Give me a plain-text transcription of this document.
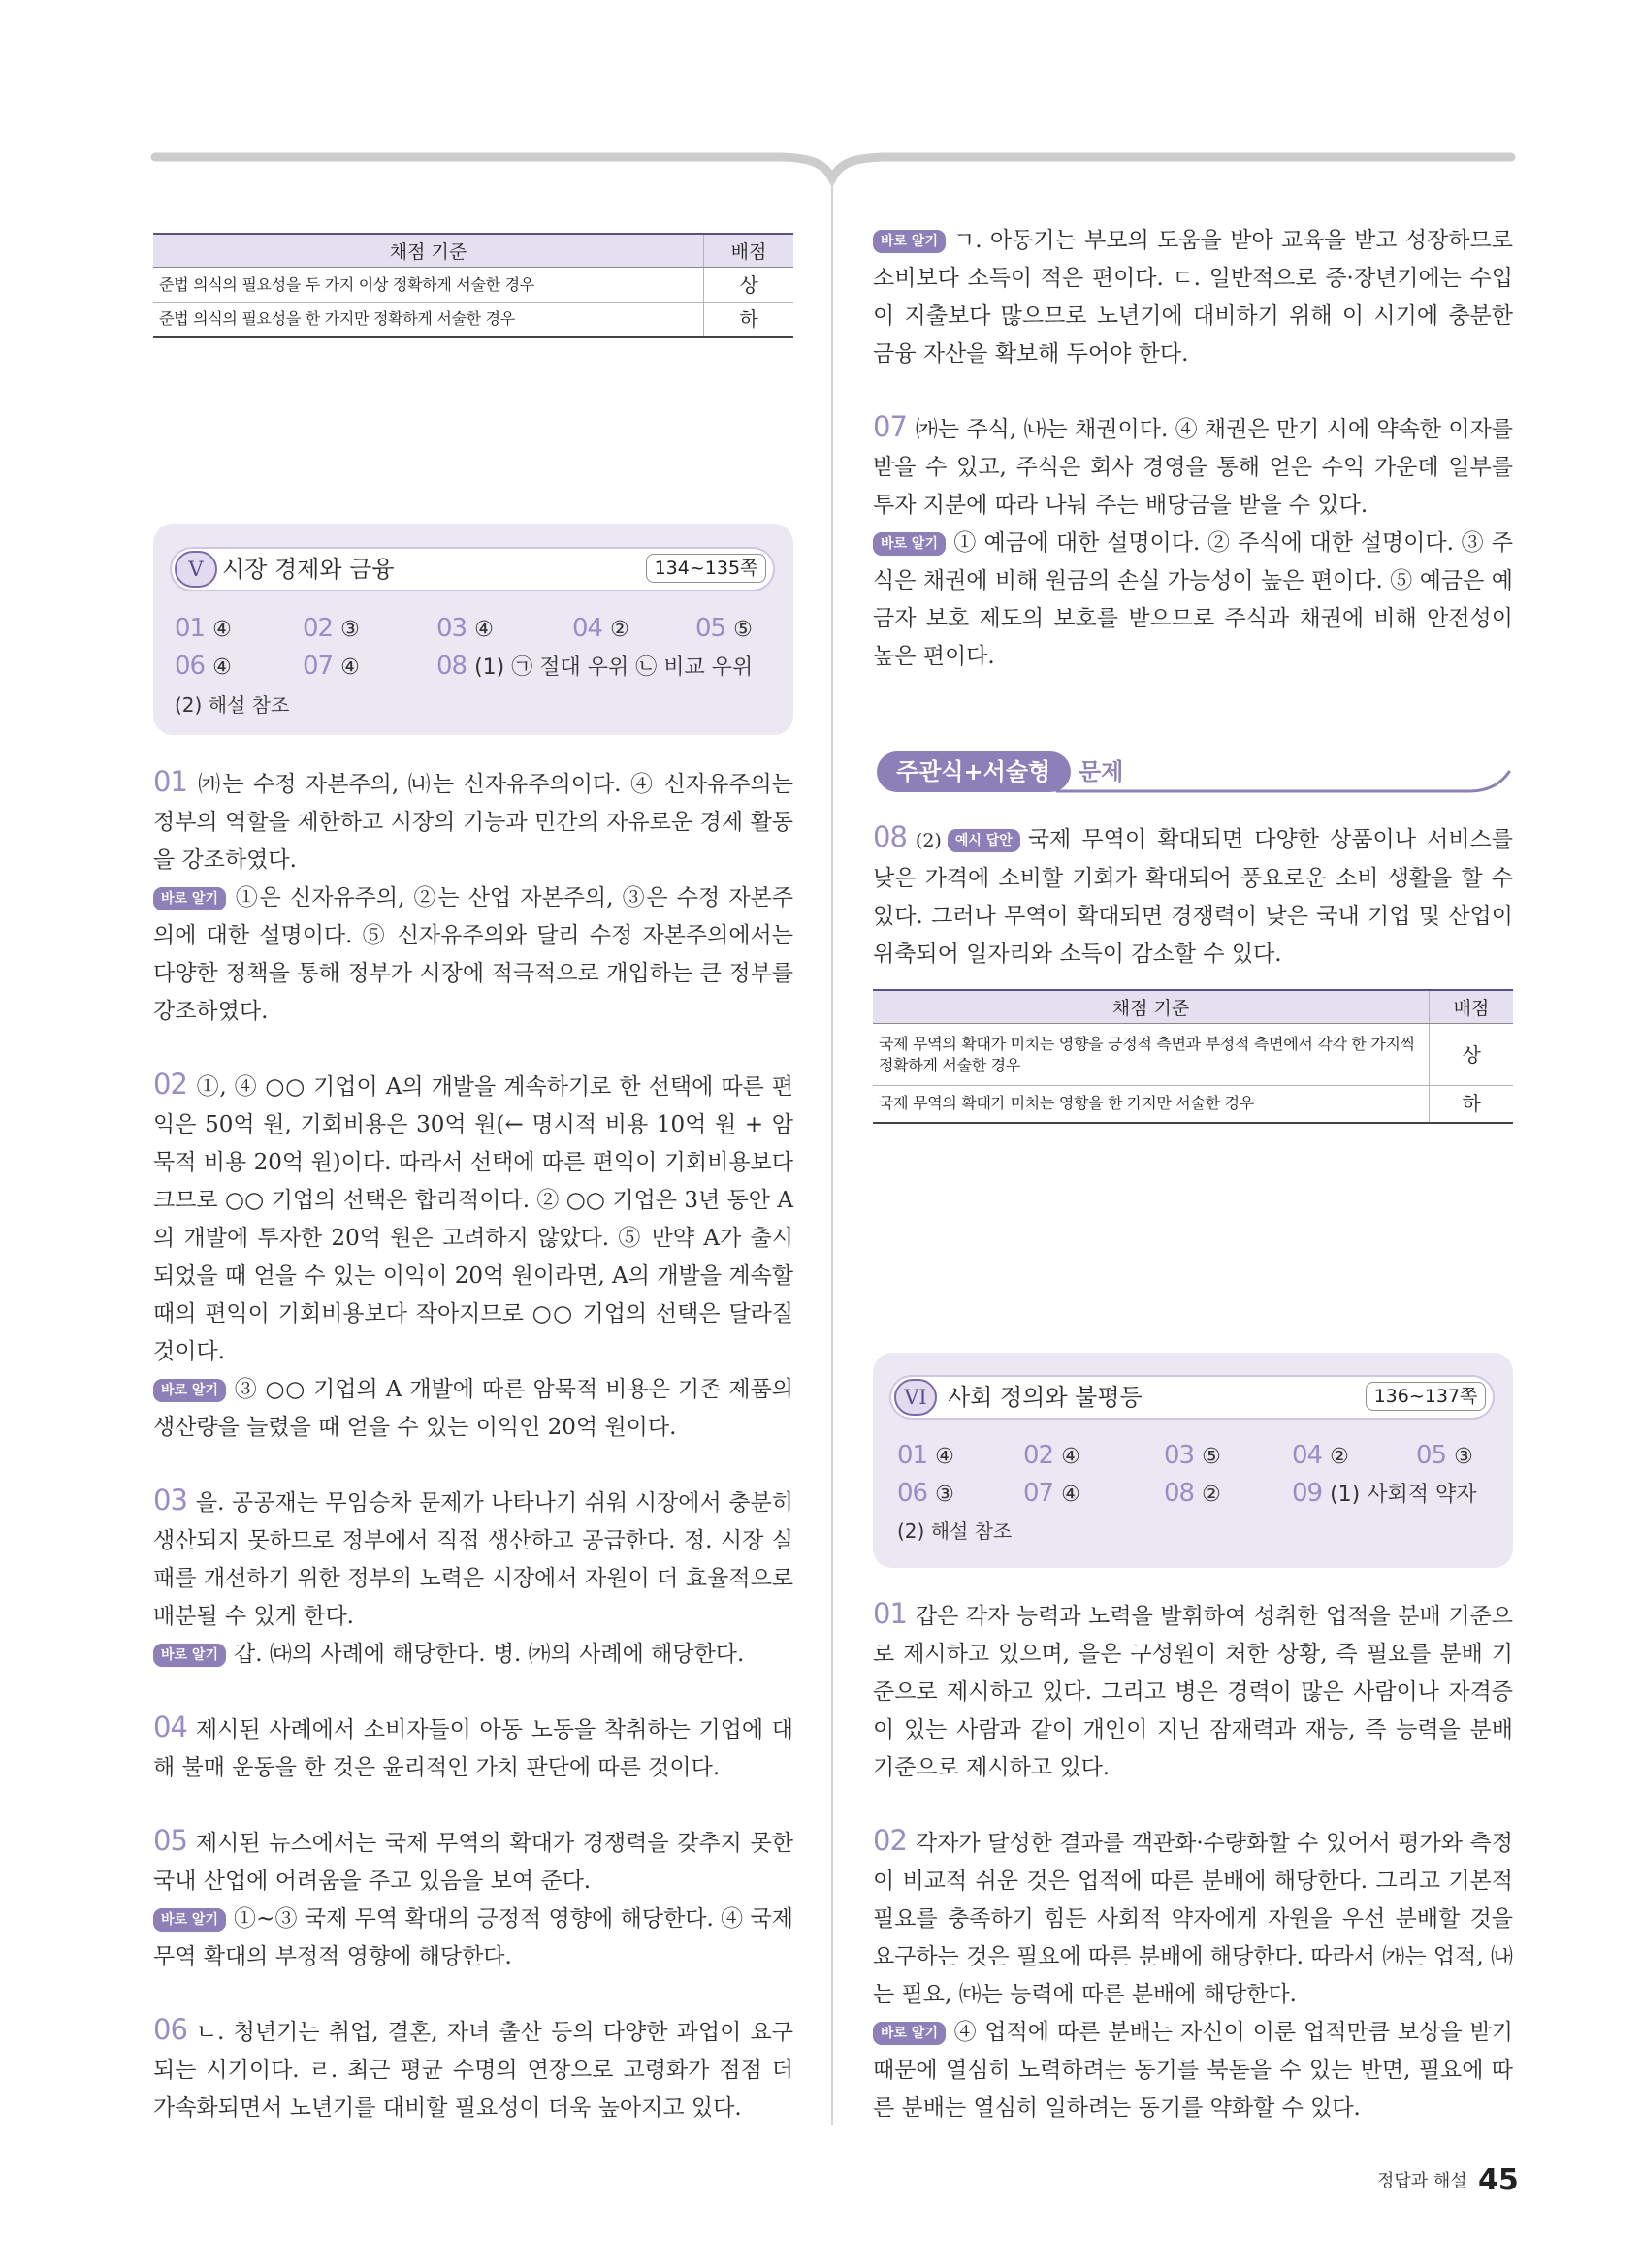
채점 기준	배점
준법 의식의 필요성을 두 가지 이상 정확하게 서술한 경우	상
준법 의식의 필요성을 한 가지만 정확하게 서술한 경우	하
V 시장 경제와 금융	134~135쪽
01 ④	02 ③	03 ④	04 ②	05 ⑤
06 ④	07 ④	08 (1) ㉠ 절대 우위 ㉡ 비교 우위
(2) 해설 참조

01 ㈎는 수정 자본주의, ㈏는 신자유주의이다. ④ 신자유주의는 정부의 역할을 제한하고 시장의 기능과 민간의 자유로운 경제 활동을 강조하였다.

바로 알기 ①은 신자유주의, ②는 산업 자본주의, ③은 수정 자본주의에 대한 설명이다. ⑤ 신자유주의와 달리 수정 자본주의에서는 다양한 정책을 통해 정부가 시장에 적극적으로 개입하는 큰 정부를 강조하였다.

02 ①, ④ ○○ 기업이 A의 개발을 계속하기로 한 선택에 따른 편익은 50억 원, 기회비용은 30억 원(← 명시적 비용 10억 원 + 암묵적 비용 20억 원)이다. 따라서 선택에 따른 편익이 기회비용보다 크므로 ○○ 기업의 선택은 합리적이다. ② ○○ 기업은 3년 동안 A의 개발에 투자한 20억 원은 고려하지 않았다. ⑤ 만약 A가 출시되었을 때 얻을 수 있는 이익이 20억 원이라면, A의 개발을 계속할 때의 편익이 기회비용보다 작아지므로 ○○ 기업의 선택은 달라질 것이다.

바로 알기 ③ ○○ 기업의 A 개발에 따른 암묵적 비용은 기존 제품의 생산량을 늘렸을 때 얻을 수 있는 이익인 20억 원이다.

03 을. 공공재는 무임승차 문제가 나타나기 쉬워 시장에서 충분히 생산되지 못하므로 정부에서 직접 생산하고 공급한다. 정. 시장 실패를 개선하기 위한 정부의 노력은 시장에서 자원이 더 효율적으로 배분될 수 있게 한다.

바로 알기 갑. ㈐의 사례에 해당한다. 병. ㈎의 사례에 해당한다.

04 제시된 사례에서 소비자들이 아동 노동을 착취하는 기업에 대해 불매 운동을 한 것은 윤리적인 가치 판단에 따른 것이다.

05 제시된 뉴스에서는 국제 무역의 확대가 경쟁력을 갖추지 못한 국내 산업에 어려움을 주고 있음을 보여 준다.

바로 알기 ①~③ 국제 무역 확대의 긍정적 영향에 해당한다. ④ 국제 무역 확대의 부정적 영향에 해당한다.

06 ㄴ. 청년기는 취업, 결혼, 자녀 출산 등의 다양한 과업이 요구되는 시기이다. ㄹ. 최근 평균 수명의 연장으로 고령화가 점점 더 가속화되면서 노년기를 대비할 필요성이 더욱 높아지고 있다.

바로 알기 ㄱ. 아동기는 부모의 도움을 받아 교육을 받고 성장하므로 소비보다 소득이 적은 편이다. ㄷ. 일반적으로 중·장년기에는 수입이 지출보다 많으므로 노년기에 대비하기 위해 이 시기에 충분한 금융 자산을 확보해 두어야 한다.

07 ㈎는 주식, ㈏는 채권이다. ④ 채권은 만기 시에 약속한 이자를 받을 수 있고, 주식은 회사 경영을 통해 얻은 수익 가운데 일부를 투자 지분에 따라 나눠 주는 배당금을 받을 수 있다.

바로 알기 ① 예금에 대한 설명이다. ② 주식에 대한 설명이다. ③ 주식은 채권에 비해 원금의 손실 가능성이 높은 편이다. ⑤ 예금은 예금자 보호 제도의 보호를 받으므로 주식과 채권에 비해 안전성이 높은 편이다.

주관식+서술형 문제

08 (2) 예시 답안 국제 무역이 확대되면 다양한 상품이나 서비스를 낮은 가격에 소비할 기회가 확대되어 풍요로운 소비 생활을 할 수 있다. 그러나 무역이 확대되면 경쟁력이 낮은 국내 기업 및 산업이 위축되어 일자리와 소득이 감소할 수 있다.

채점 기준	배점
국제 무역의 확대가 미치는 영향을 긍정적 측면과 부정적 측면에서 각각 한 가지씩 정확하게 서술한 경우	상
국제 무역의 확대가 미치는 영향을 한 가지만 서술한 경우	하
VI 사회 정의와 불평등	136~137쪽
01 ④	02 ④	03 ⑤	04 ②	05 ③
06 ③	07 ④	08 ②	09 (1) 사회적 약자
(2) 해설 참조

01 갑은 각자 능력과 노력을 발휘하여 성취한 업적을 분배 기준으로 제시하고 있으며, 을은 구성원이 처한 상황, 즉 필요를 분배 기준으로 제시하고 있다. 그리고 병은 경력이 많은 사람이나 자격증이 있는 사람과 같이 개인이 지닌 잠재력과 재능, 즉 능력을 분배 기준으로 제시하고 있다.

02 각자가 달성한 결과를 객관화·수량화할 수 있어서 평가와 측정이 비교적 쉬운 것은 업적에 따른 분배에 해당한다. 그리고 기본적 필요를 충족하기 힘든 사회적 약자에게 자원을 우선 분배할 것을 요구하는 것은 필요에 따른 분배에 해당한다. 따라서 ㈎는 업적, ㈏는 필요, ㈐는 능력에 따른 분배에 해당한다.

바로 알기 ④ 업적에 따른 분배는 자신이 이룬 업적만큼 보상을 받기 때문에 열심히 노력하려는 동기를 북돋을 수 있는 반면, 필요에 따른 분배는 열심히 일하려는 동기를 약화할 수 있다.

정답과 해설 45
